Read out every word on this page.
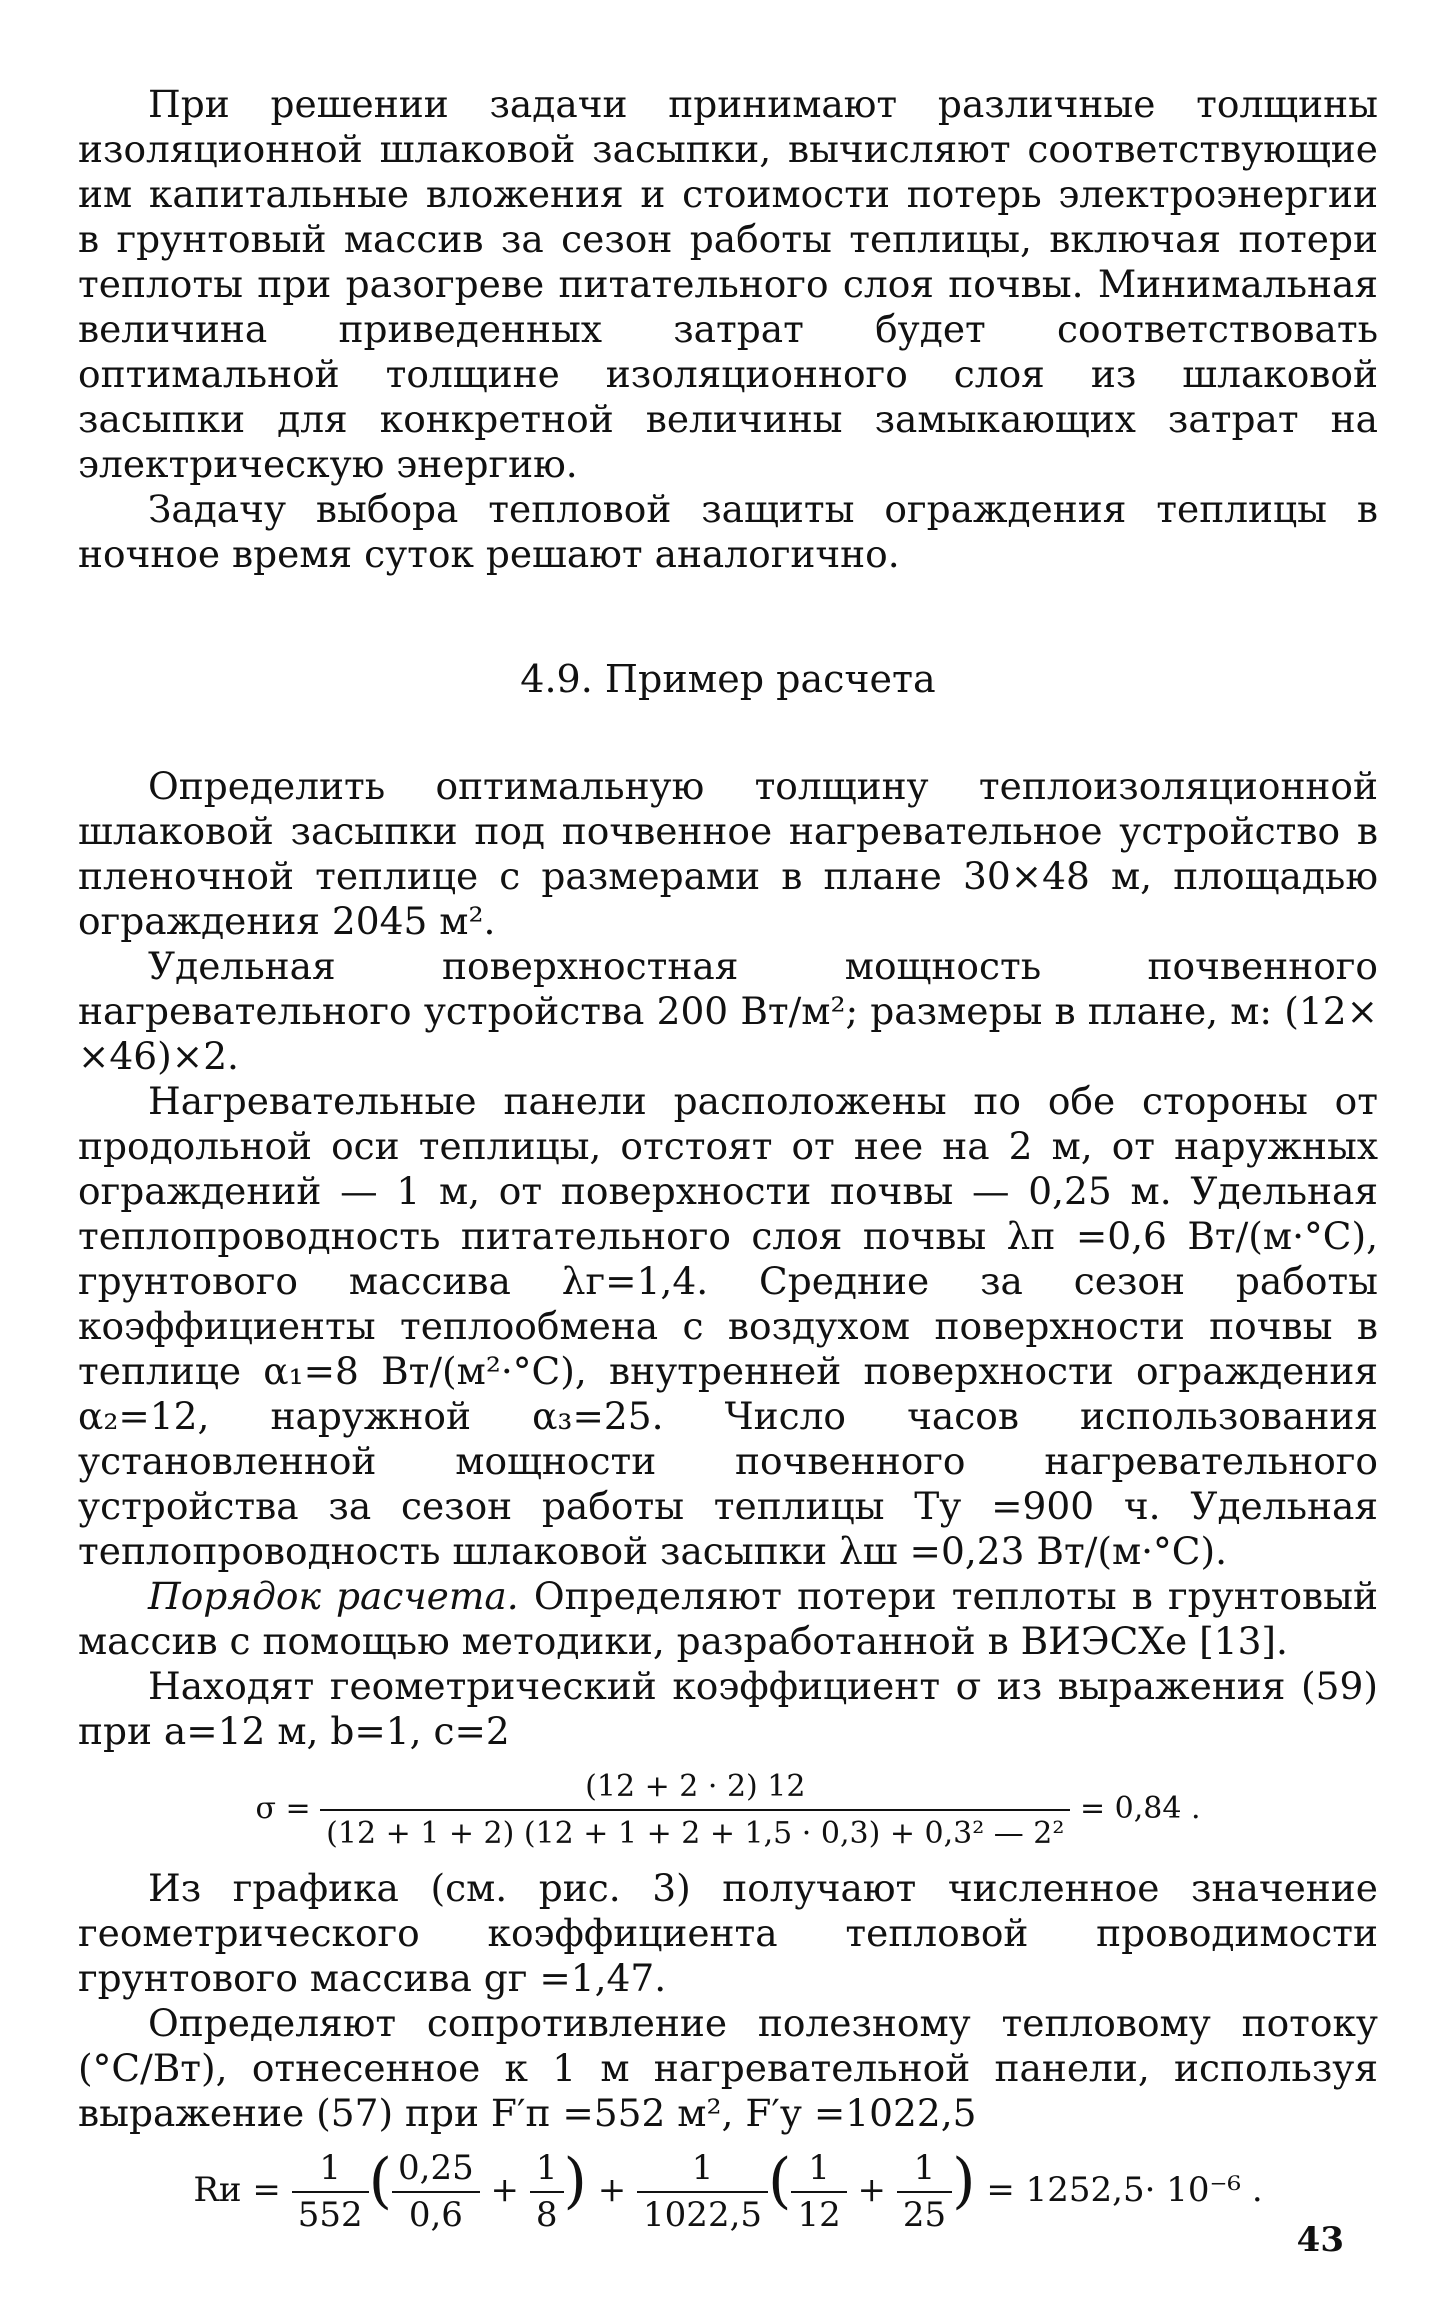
При решении задачи принимают различные толщины изоляционной шлаковой засыпки, вычисляют соответствующие им капитальные вложения и стоимости потерь электроэнергии в грунтовый массив за сезон работы теплицы, включая потери теплоты при разогреве питательного слоя почвы. Минимальная величина приведенных затрат будет соответствовать оптимальной толщине изоляционного слоя из шлаковой засыпки для конкретной величины замыкающих затрат на электрическую энергию.

Задачу выбора тепловой защиты ограждения теплицы в ночное время суток решают аналогично.

4.9. Пример расчета

Определить оптимальную толщину теплоизоляционной шлаковой засыпки под почвенное нагревательное устройство в пленочной теплице с размерами в плане 30×48 м, площадью ограждения 2045 м².

Удельная поверхностная мощность почвенного нагревательного устройства 200 Вт/м²; размеры в плане, м: (12× ×46)×2.

Нагревательные панели расположены по обе стороны от продольной оси теплицы, отстоят от нее на 2 м, от наружных ограждений — 1 м, от поверхности почвы — 0,25 м. Удельная теплопроводность питательного слоя почвы λп =0,6 Вт/(м·°С), грунтового массива λг=1,4. Средние за сезон работы коэффициенты теплообмена с воздухом поверхности почвы в теплице α₁=8 Вт/(м²·°С), внутренней поверхности ограждения α₂=12, наружной α₃=25. Число часов использования установленной мощности почвенного нагревательного устройства за сезон работы теплицы Tу =900 ч. Удельная теплопроводность шлаковой засыпки λш =0,23 Вт/(м·°С).

Порядок расчета. Определяют потери теплоты в грунтовый массив с помощью методики, разработанной в ВИЭСХе [13].

Находят геометрический коэффициент σ из выражения (59) при a=12 м, b=1, c=2

$\sigma = \frac{(12 + 2 \cdot 2) 12}{\text{(12 + 1 + 2) (12 + 1 + 2 + 1,5 · 0,3) + 0,3² — 2²}} = 0,84$ .

Из графика (см. рис. 3) получают численное значение геометрического коэффициента тепловой проводимости грунтового массива gг =1,47.

Определяют сопротивление полезному тепловому потоку (°С/Вт), отнесенное к 1 м нагревательной панели, используя выражение (57) при F′п =552 м², F′у =1022,5

Rи = $\frac{1}{552}$ ( $\frac{0,25}{0,6} + \frac{1}{8}$ ) + $\frac{1}{1022,5}$ ( $\frac{1}{12} + \frac{1}{25}$ ) = 1252,5· 10⁻⁶ .
43
